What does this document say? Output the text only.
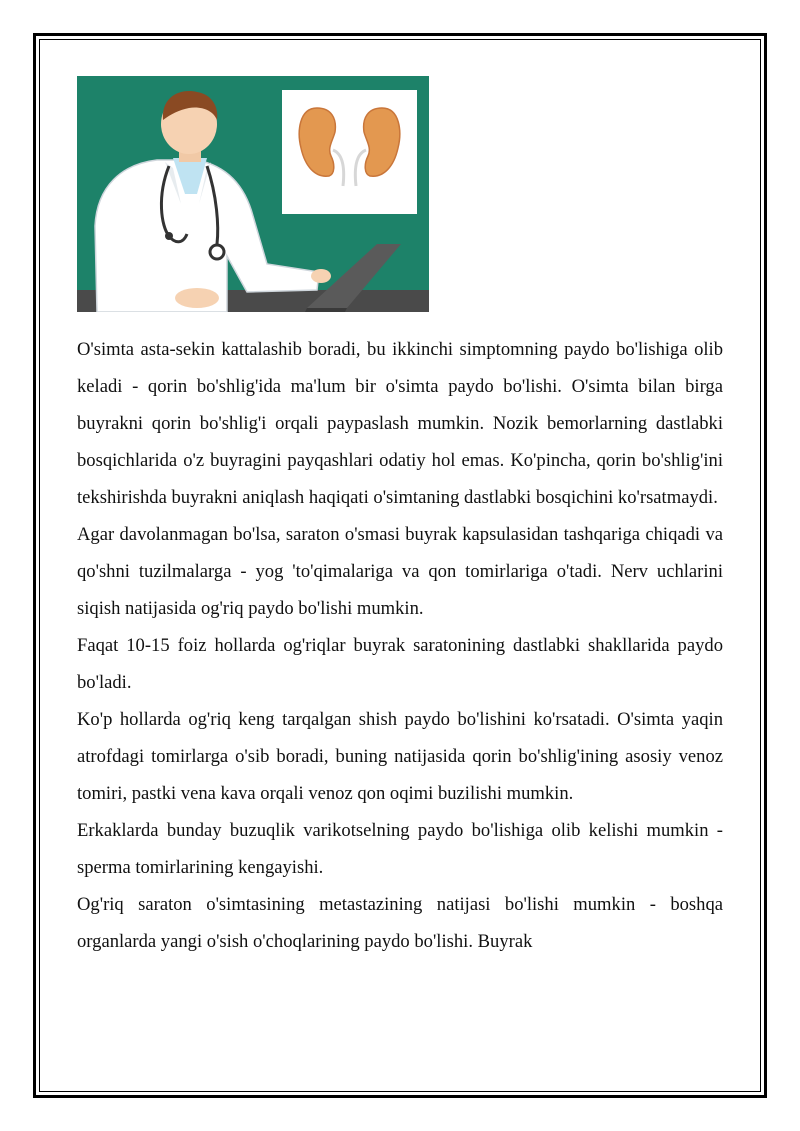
O'simta asta-sekin kattalashib boradi, bu ikkinchi simptomning paydo bo'lishiga olib keladi - qorin bo'shlig'ida ma'lum bir o'simta paydo bo'lishi. O'simta bilan birga buyrakni qorin bo'shlig'i orqali paypaslash mumkin. Nozik bemorlarning dastlabki bosqichlarida o'z buyragini payqashlari odatiy hol emas. Ko'pincha, qorin bo'shlig'ini tekshirishda buyrakni aniqlash haqiqati o'simtaning dastlabki bosqichini ko'rsatmaydi.

Agar davolanmagan bo'lsa, saraton o'smasi buyrak kapsulasidan tashqariga chiqadi va qo'shni tuzilmalarga - yog 'to'qimalariga va qon tomirlariga o'tadi. Nerv uchlarini siqish natijasida og'riq paydo bo'lishi mumkin.

Faqat 10-15 foiz hollarda og'riqlar buyrak saratonining dastlabki shakllarida paydo bo'ladi.

Ko'p hollarda og'riq keng tarqalgan shish paydo bo'lishini ko'rsatadi. O'simta yaqin atrofdagi tomirlarga o'sib boradi, buning natijasida qorin bo'shlig'ining asosiy venoz tomiri, pastki vena kava orqali venoz qon oqimi buzilishi mumkin.

Erkaklarda bunday buzuqlik varikotselning paydo bo'lishiga olib kelishi mumkin - sperma tomirlarining kengayishi.

Og'riq saraton o'simtasining metastazining natijasi bo'lishi mumkin - boshqa organlarda yangi o'sish o'choqlarining paydo bo'lishi. Buyrak
